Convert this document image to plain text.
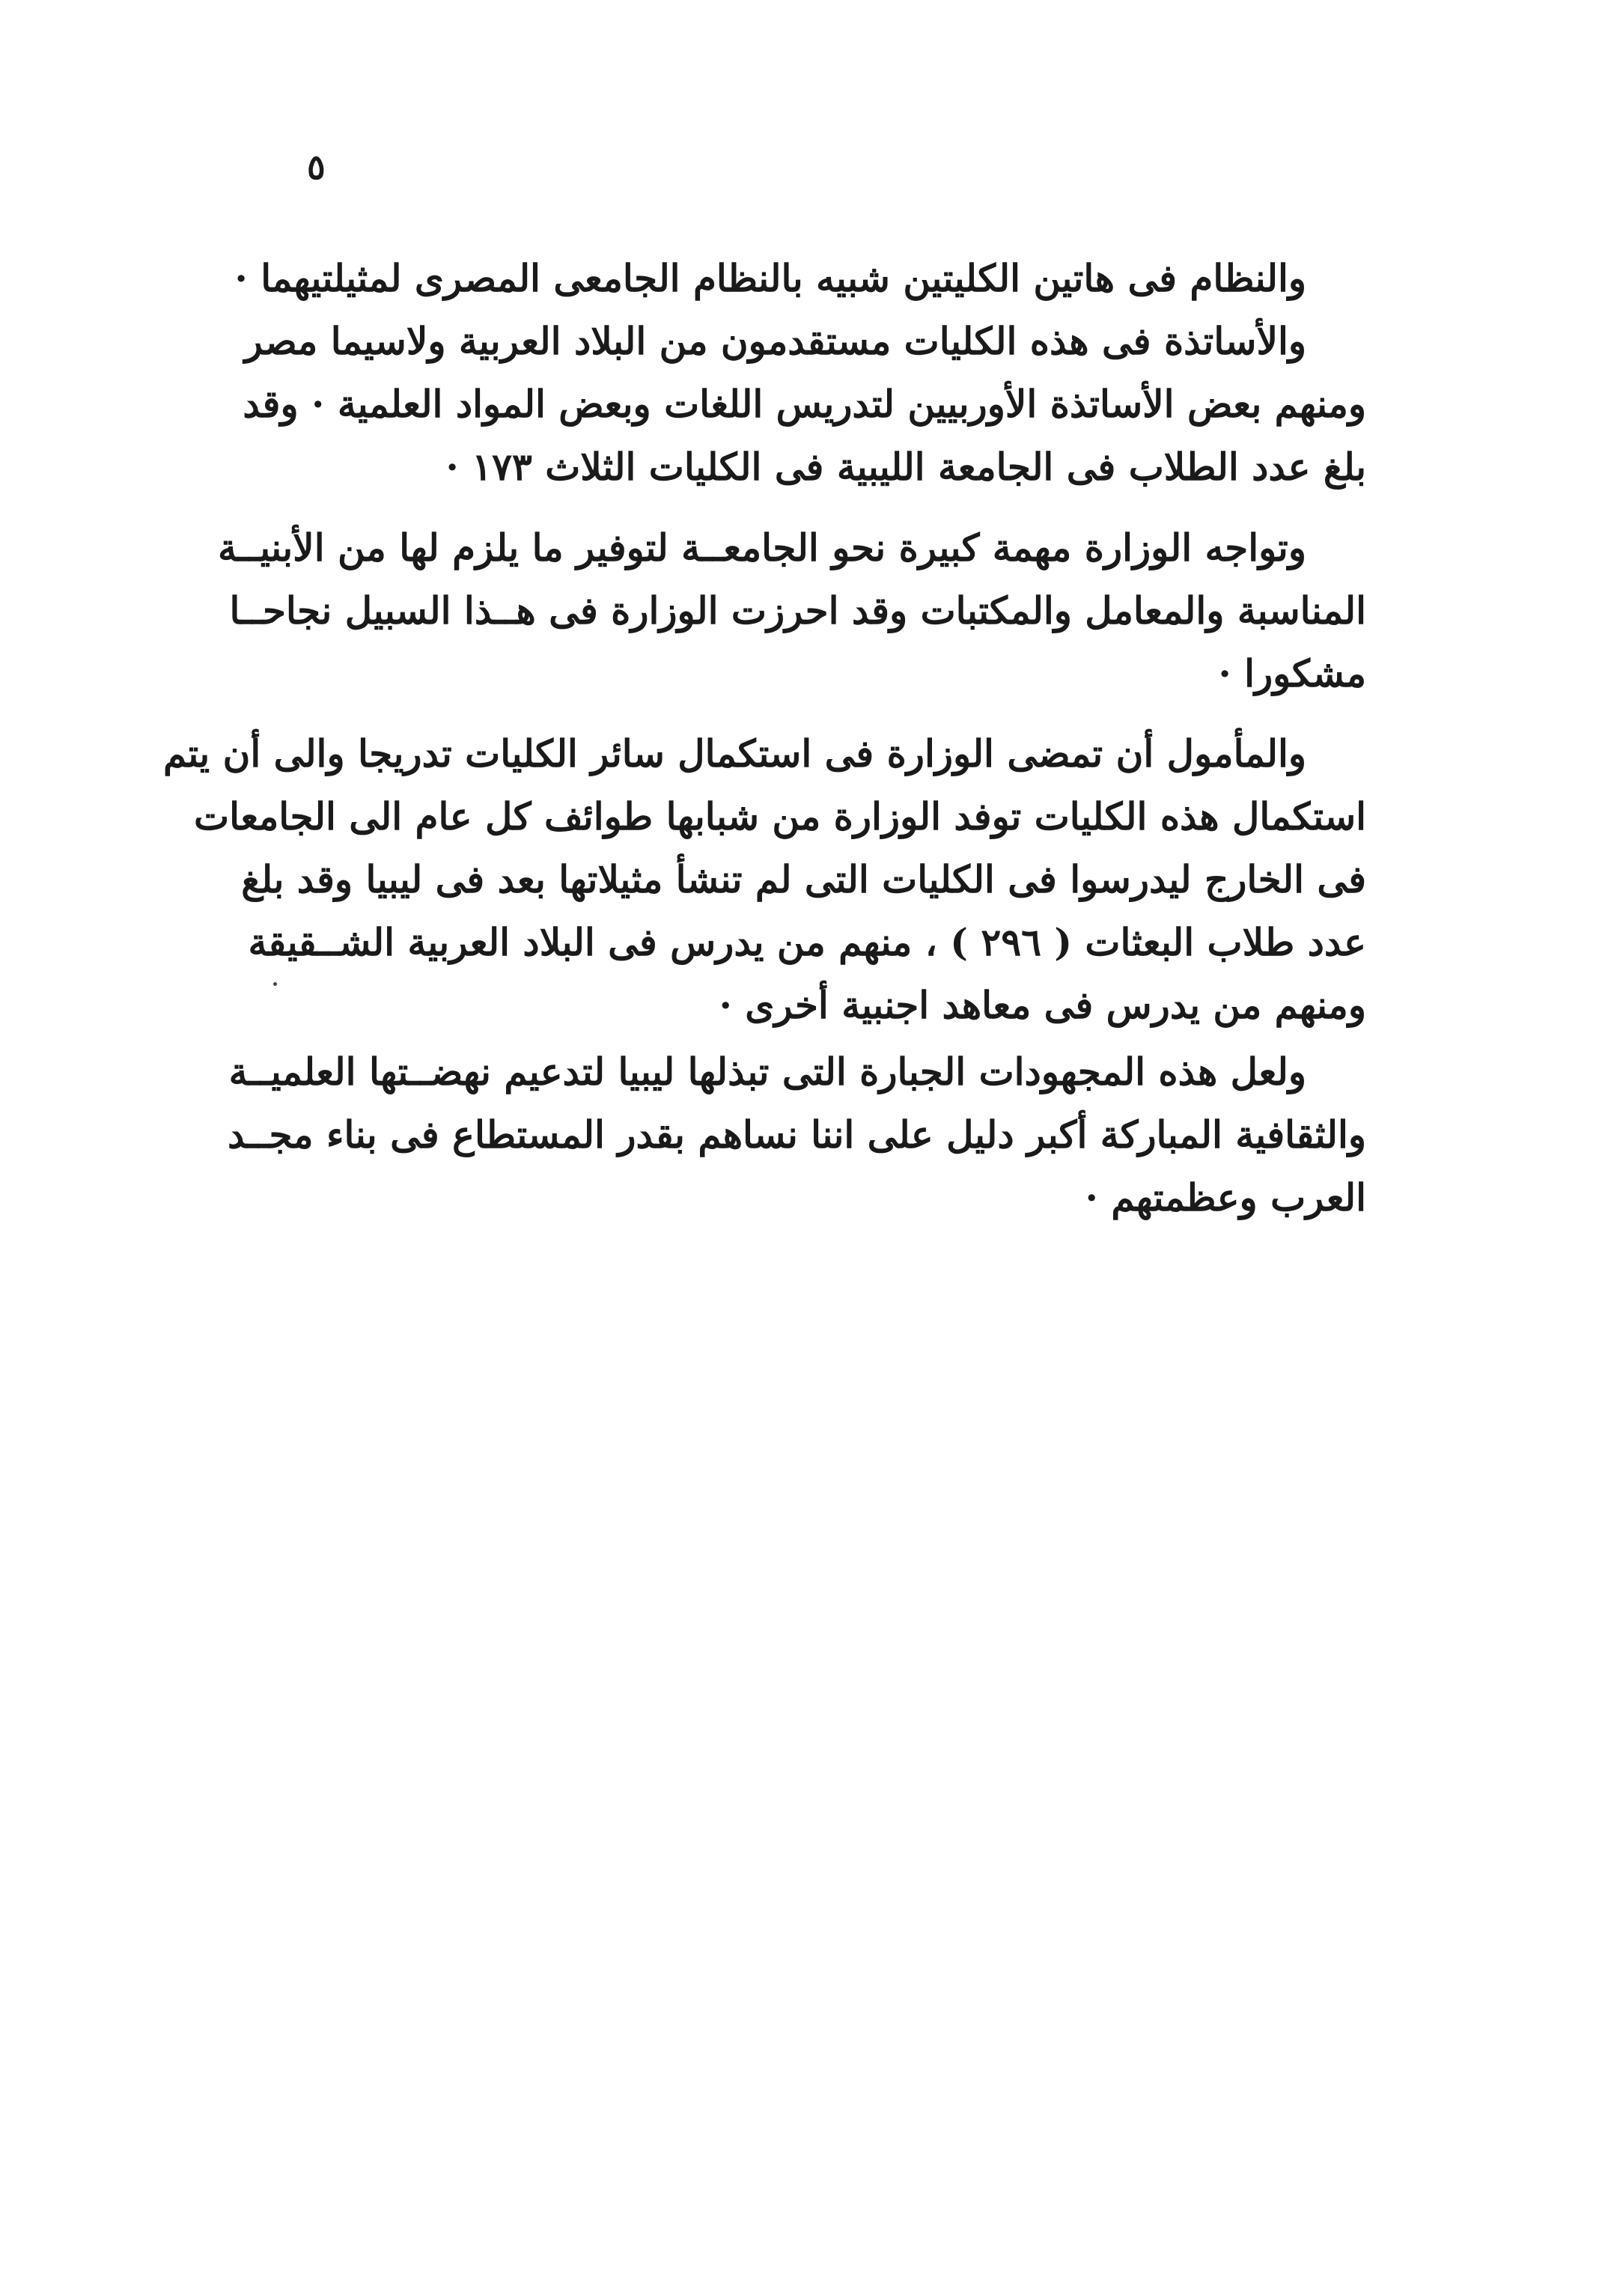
٥
والنظام فى هاتين الكليتين شبيه بالنظام الجامعى المصرى لمثيلتيهما ·
والأساتذة فى هذه الكليات مستقدمون من البلاد العربية ولاسيما مصر
ومنهم بعض الأساتذة الأوربيين لتدريس اللغات وبعض المواد العلمية · وقد
بلغ عدد الطلاب فى الجامعة الليبية فى الكليات الثلاث ١٧٣ ·
وتواجه الوزارة مهمة كبيرة نحو الجامعــة لتوفير ما يلزم لها من الأبنيــة
المناسبة والمعامل والمكتبات وقد احرزت الوزارة فى هــذا السبيل نجاحــا
مشكورا ·
والمأمول أن تمضى الوزارة فى استكمال سائر الكليات تدريجا والى أن يتم
استكمال هذه الكليات توفد الوزارة من شبابها طوائف كل عام الى الجامعات
فى الخارج ليدرسوا فى الكليات التى لم تنشأ مثيلاتها بعد فى ليبيا وقد بلغ
عدد طلاب البعثات ( ٢٩٦ ) ، منهم من يدرس فى البلاد العربية الشــقيقة
ومنهم من يدرس فى معاهد اجنبية أخرى ·
ولعل هذه المجهودات الجبارة التى تبذلها ليبيا لتدعيم نهضــتها العلميــة
والثقافية المباركة أكبر دليل على اننا نساهم بقدر المستطاع فى بناء مجــد
العرب وعظمتهم ·
